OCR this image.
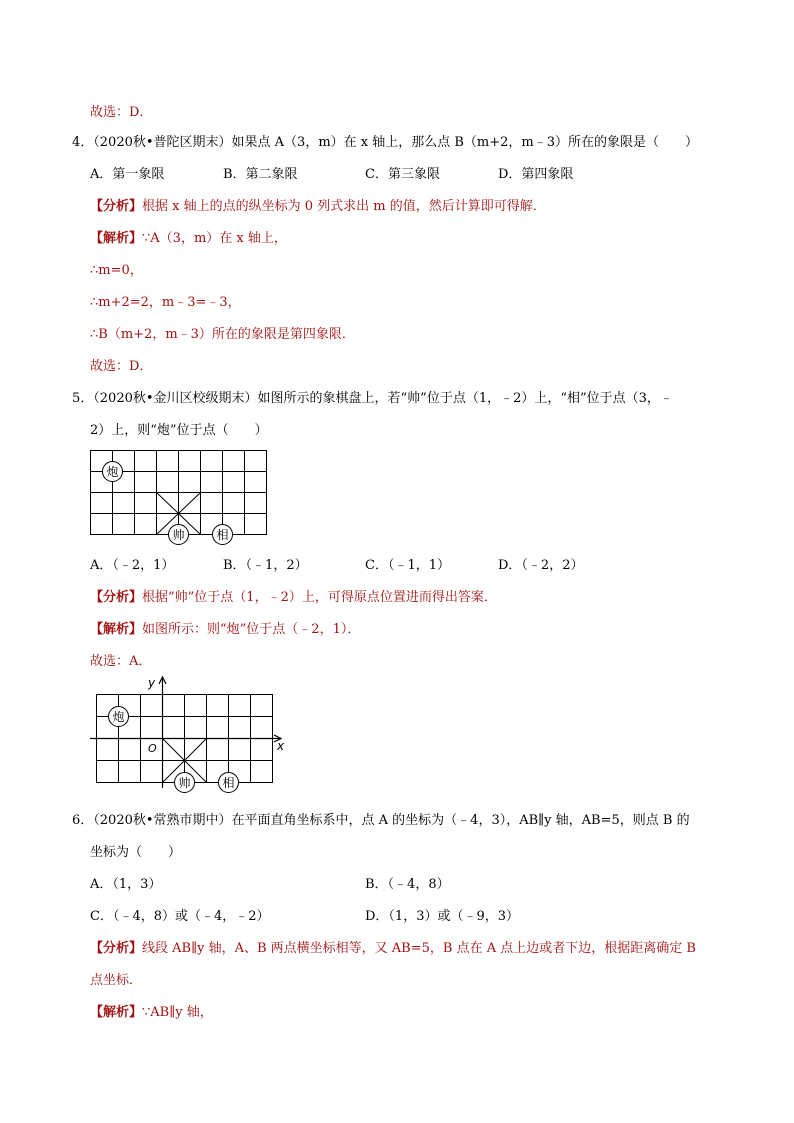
故选：D．
4．（2020秋•普陀区期末）如果点 A（3，m）在 x 轴上，那么点 B（m+2，m﹣3）所在的象限是（　　）
A．第一象限	B．第二象限	C．第三象限	D．第四象限
【分析】根据 x 轴上的点的纵坐标为 0 列式求出 m 的值，然后计算即可得解．
【解析】∵A（3，m）在 x 轴上，
∴m=0，
∴m+2=2，m﹣3=﹣3，
∴B（m+2，m﹣3）所在的象限是第四象限．
故选：D．
5．（2020秋•金川区校级期末）如图所示的象棋盘上，若“帅”位于点（1，﹣2）上，“相”位于点（3，﹣
2）上，则“炮”位于点（　　）
炮
帅	相
A．（﹣2，1）	B．（﹣1，2）	C．（﹣1，1）	D．（﹣2，2）
【分析】根据“帅”位于点（1，﹣2）上，可得原点位置进而得出答案．
【解析】如图所示：则“炮”位于点（﹣2，1）．
故选：A．
y
x
O
炮
帅	相
6．（2020秋•常熟市期中）在平面直角坐标系中，点 A 的坐标为（﹣4，3），AB∥y 轴，AB=5，则点 B 的
坐标为（　　）
A．（1，3）	B．（﹣4，8）
C．（﹣4，8）或（﹣4，﹣2）	D．（1，3）或（﹣9，3）
【分析】线段 AB∥y 轴，A、B 两点横坐标相等，又 AB=5，B 点在 A 点上边或者下边，根据距离确定 B
点坐标．
【解析】∵AB∥y 轴，
